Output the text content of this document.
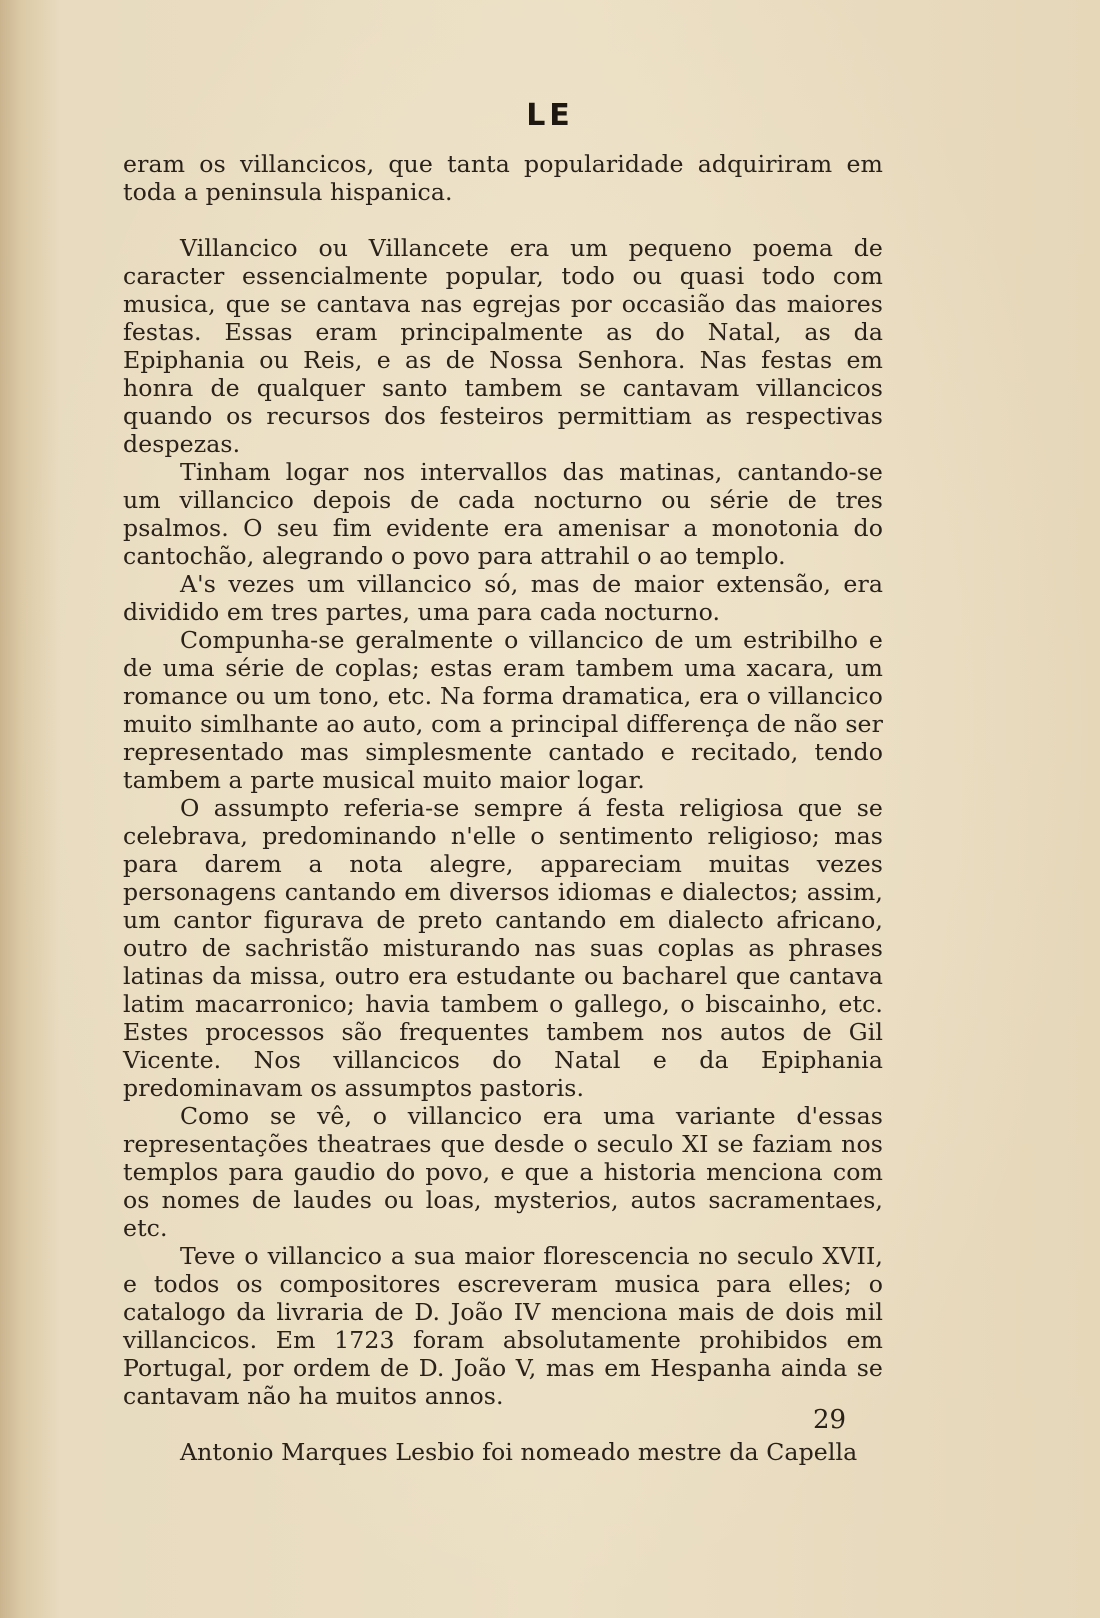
LE

eram os villancicos, que tanta popularidade adquiriram em toda a peninsula hispanica.

Villancico ou Villancete era um pequeno poema de caracter essencialmente popular, todo ou quasi todo com musica, que se cantava nas egrejas por occasião das maiores festas. Essas eram principalmente as do Natal, as da Epiphania ou Reis, e as de Nossa Senhora. Nas festas em honra de qualquer santo tambem se cantavam villancicos quando os recursos dos festeiros permittiam as respectivas despezas.

Tinham logar nos intervallos das matinas, cantando-se um villancico depois de cada nocturno ou série de tres psalmos. O seu fim evidente era amenisar a monotonia do cantochão, alegrando o povo para attrahil o ao templo.

A's vezes um villancico só, mas de maior extensão, era dividido em tres partes, uma para cada nocturno.

Compunha-se geralmente o villancico de um estribilho e de uma série de coplas; estas eram tambem uma xacara, um romance ou um tono, etc. Na forma dramatica, era o villancico muito simlhante ao auto, com a principal differença de não ser representado mas simplesmente cantado e recitado, tendo tambem a parte musical muito maior logar.

O assumpto referia-se sempre á festa religiosa que se celebrava, predominando n'elle o sentimento religioso; mas para darem a nota alegre, appareciam muitas vezes personagens cantando em diversos idiomas e dialectos; assim, um cantor figurava de preto cantando em dialecto africano, outro de sachristão misturando nas suas coplas as phrases latinas da missa, outro era estudante ou bacharel que cantava latim macarronico; havia tambem o gallego, o biscainho, etc. Estes processos são frequentes tambem nos autos de Gil Vicente. Nos villancicos do Natal e da Epiphania predominavam os assumptos pastoris.

Como se vê, o villancico era uma variante d'essas representações theatraes que desde o seculo XI se faziam nos templos para gaudio do povo, e que a historia menciona com os nomes de laudes ou loas, mysterios, autos sacramentaes, etc.

Teve o villancico a sua maior florescencia no seculo XVII, e todos os compositores escreveram musica para elles; o catalogo da livraria de D. João IV menciona mais de dois mil villancicos. Em 1723 foram absolutamente prohibidos em Portugal, por ordem de D. João V, mas em Hespanha ainda se cantavam não ha muitos annos.

Antonio Marques Lesbio foi nomeado mestre da Capella

29
